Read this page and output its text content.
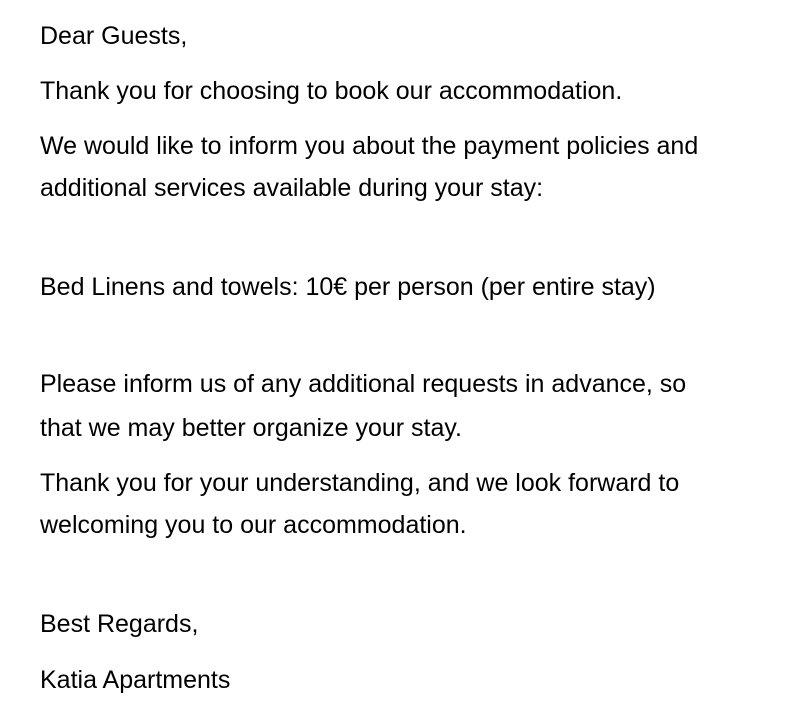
Dear Guests,
Thank you for choosing to book our accommodation.
We would like to inform you about the payment policies and
additional services available during your stay:
Bed Linens and towels: 10€ per person (per entire stay)
Please inform us of any additional requests in advance, so
that we may better organize your stay.
Thank you for your understanding, and we look forward to
welcoming you to our accommodation.
Best Regards,
Katia Apartments
